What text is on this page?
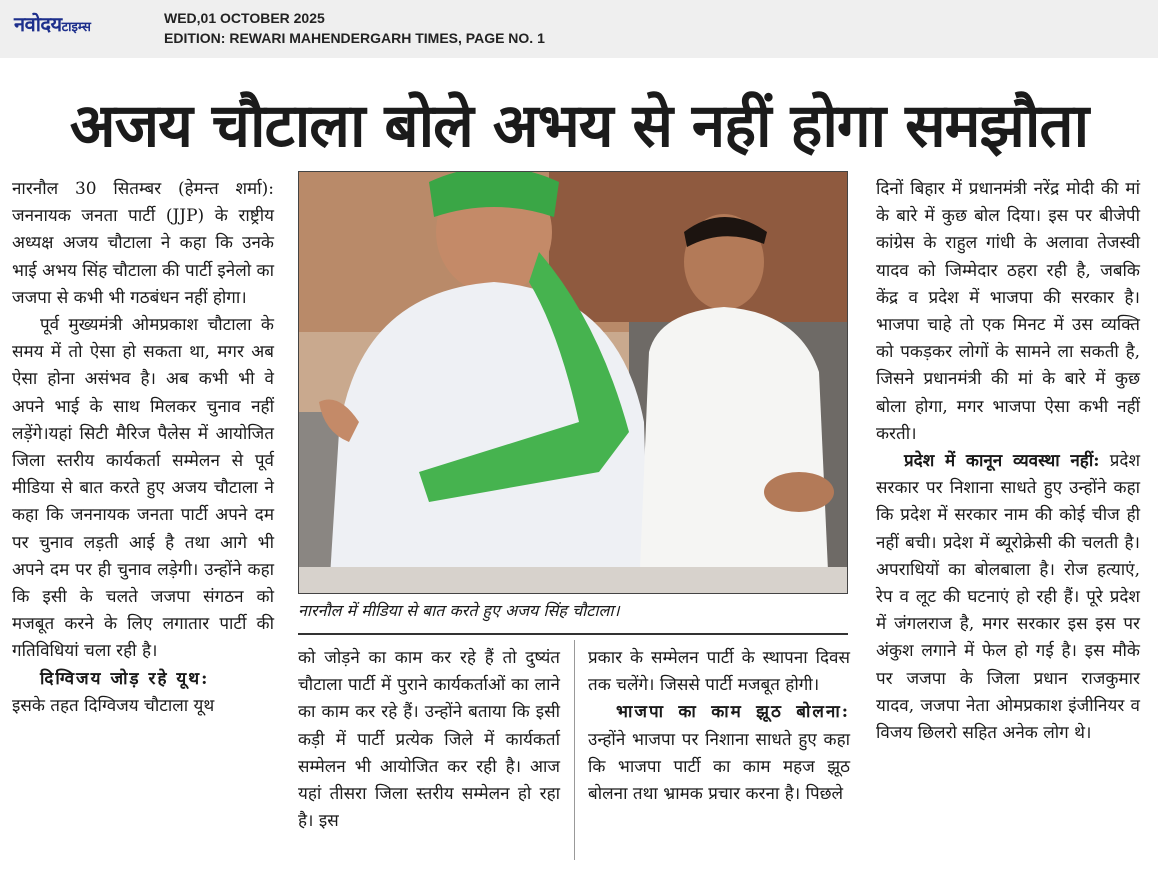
नवोदयटाइम्स
WED,01 OCTOBER 2025
EDITION: REWARI MAHENDERGARH TIMES, PAGE NO. 1
अजय चौटाला बोले अभय से नहीं होगा समझौता

नारनौल 30 सितम्बर (हेमन्त शर्मा): जननायक जनता पार्टी (JJP) के राष्ट्रीय अध्यक्ष अजय चौटाला ने कहा कि उनके भाई अभय सिंह चौटाला की पार्टी इनेलो का जजपा से कभी भी गठबंधन नहीं होगा।

पूर्व मुख्यमंत्री ओमप्रकाश चौटाला के समय में तो ऐसा हो सकता था, मगर अब ऐसा होना असंभव है। अब कभी भी वे अपने भाई के साथ मिलकर चुनाव नहीं लड़ेंगे।यहां सिटी मैरिज पैलेस में आयोजित जिला स्तरीय कार्यकर्ता सम्मेलन से पूर्व मीडिया से बात करते हुए अजय चौटाला ने कहा कि जननायक जनता पार्टी अपने दम पर चुनाव लड़ती आई है तथा आगे भी अपने दम पर ही चुनाव लड़ेगी। उन्होंने कहा कि इसी के चलते जजपा संगठन को मजबूत करने के लिए लगातार पार्टी की गतिविधियां चला रही है।

दिग्विजय जोड़ रहे यूथ:

इसके तहत दिग्विजय चौटाला यूथ

नारनौल में मीडिया से बात करते हुए अजय सिंह चौटाला।

को जोड़ने का काम कर रहे हैं तो दुष्यंत चौटाला पार्टी में पुराने कार्यकर्ताओं का लाने का काम कर रहे हैं। उन्होंने बताया कि इसी कड़ी में पार्टी प्रत्येक जिले में कार्यकर्ता सम्मेलन भी आयोजित कर रही है। आज यहां तीसरा जिला स्तरीय सम्मेलन हो रहा है। इस

प्रकार के सम्मेलन पार्टी के स्थापना दिवस तक चलेंगे। जिससे पार्टी मजबूत होगी।

भाजपा का काम झूठ बोलना: उन्होंने भाजपा पर निशाना साधते हुए कहा कि भाजपा पार्टी का काम महज झूठ बोलना तथा भ्रामक प्रचार करना है। पिछले

दिनों बिहार में प्रधानमंत्री नरेंद्र मोदी की मां के बारे में कुछ बोल दिया। इस पर बीजेपी कांग्रेस के राहुल गांधी के अलावा तेजस्वी यादव को जिम्मेदार ठहरा रही है, जबकि केंद्र व प्रदेश में भाजपा की सरकार है। भाजपा चाहे तो एक मिनट में उस व्यक्ति को पकड़कर लोगों के सामने ला सकती है, जिसने प्रधानमंत्री की मां के बारे में कुछ बोला होगा, मगर भाजपा ऐसा कभी नहीं करती।

प्रदेश में कानून व्यवस्था नहीं: प्रदेश सरकार पर निशाना साधते हुए उन्होंने कहा कि प्रदेश में सरकार नाम की कोई चीज ही नहीं बची। प्रदेश में ब्यूरोक्रेसी की चलती है। अपराधियों का बोलबाला है। रोज हत्याएं, रेप व लूट की घटनाएं हो रही हैं। पूरे प्रदेश में जंगलराज है, मगर सरकार इस इस पर अंकुश लगाने में फेल हो गई है। इस मौके पर जजपा के जिला प्रधान राजकुमार यादव, जजपा नेता ओमप्रकाश इंजीनियर व विजय छिलरो सहित अनेक लोग थे।
